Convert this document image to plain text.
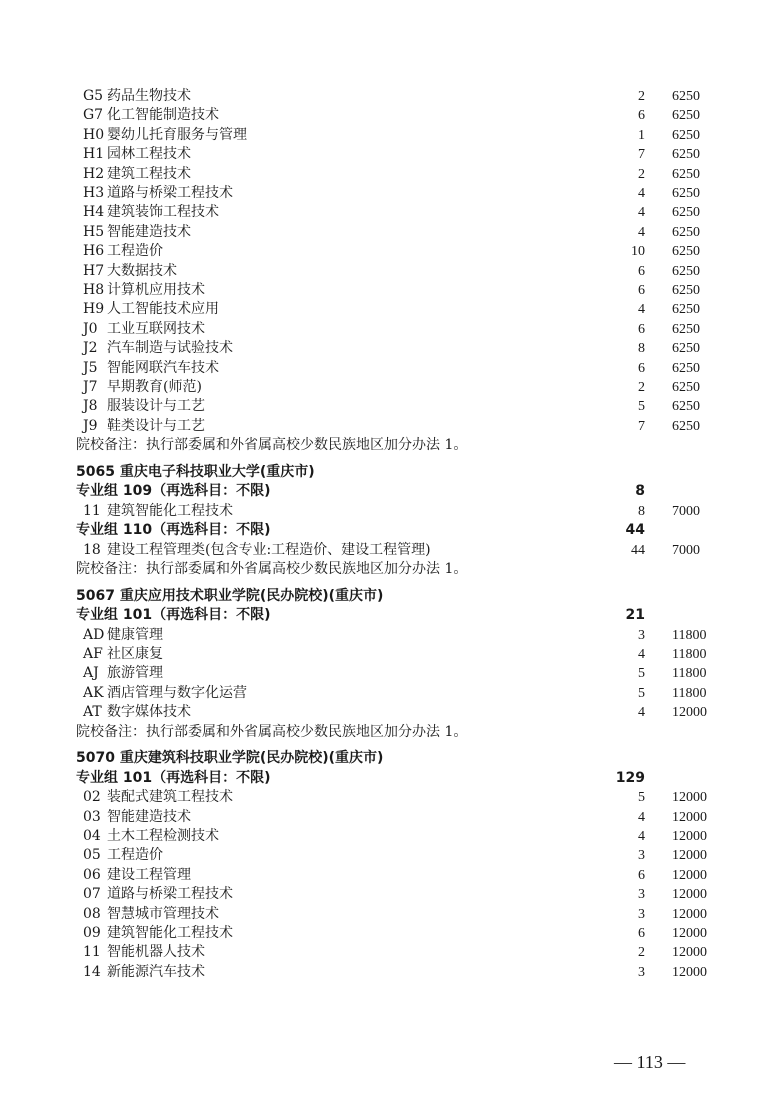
G5 药品生物技术	2 6250
G7 化工智能制造技术	6 6250
H0 婴幼儿托育服务与管理	1 6250
H1 园林工程技术	7 6250
H2 建筑工程技术	2 6250
H3 道路与桥梁工程技术	4 6250
H4 建筑装饰工程技术	4 6250
H5 智能建造技术	4 6250
H6 工程造价	10 6250
H7 大数据技术	6 6250
H8 计算机应用技术	6 6250
H9 人工智能技术应用	4 6250
J0 工业互联网技术	6 6250
J2 汽车制造与试验技术	8 6250
J5 智能网联汽车技术	6 6250
J7 早期教育(师范)	2 6250
J8 服装设计与工艺	5 6250
J9 鞋类设计与工艺	7 6250
院校备注：执行部委属和外省属高校少数民族地区加分办法 1。
5065 重庆电子科技职业大学(重庆市)
专业组 109（再选科目：不限)	8
11 建筑智能化工程技术	8 7000
专业组 110（再选科目：不限)	44
18 建设工程管理类(包含专业:工程造价、建设工程管理)	44 7000
院校备注：执行部委属和外省属高校少数民族地区加分办法 1。
5067 重庆应用技术职业学院(民办院校)(重庆市)
专业组 101（再选科目：不限)	21
AD 健康管理	3 11800
AF 社区康复	4 11800
AJ 旅游管理	5 11800
AK 酒店管理与数字化运营	5 11800
AT 数字媒体技术	4 12000
院校备注：执行部委属和外省属高校少数民族地区加分办法 1。
5070 重庆建筑科技职业学院(民办院校)(重庆市)
专业组 101（再选科目：不限)	129
02 装配式建筑工程技术	5 12000
03 智能建造技术	4 12000
04 土木工程检测技术	4 12000
05 工程造价	3 12000
06 建设工程管理	6 12000
07 道路与桥梁工程技术	3 12000
08 智慧城市管理技术	3 12000
09 建筑智能化工程技术	6 12000
11 智能机器人技术	2 12000
14 新能源汽车技术	3 12000
— 113 —
